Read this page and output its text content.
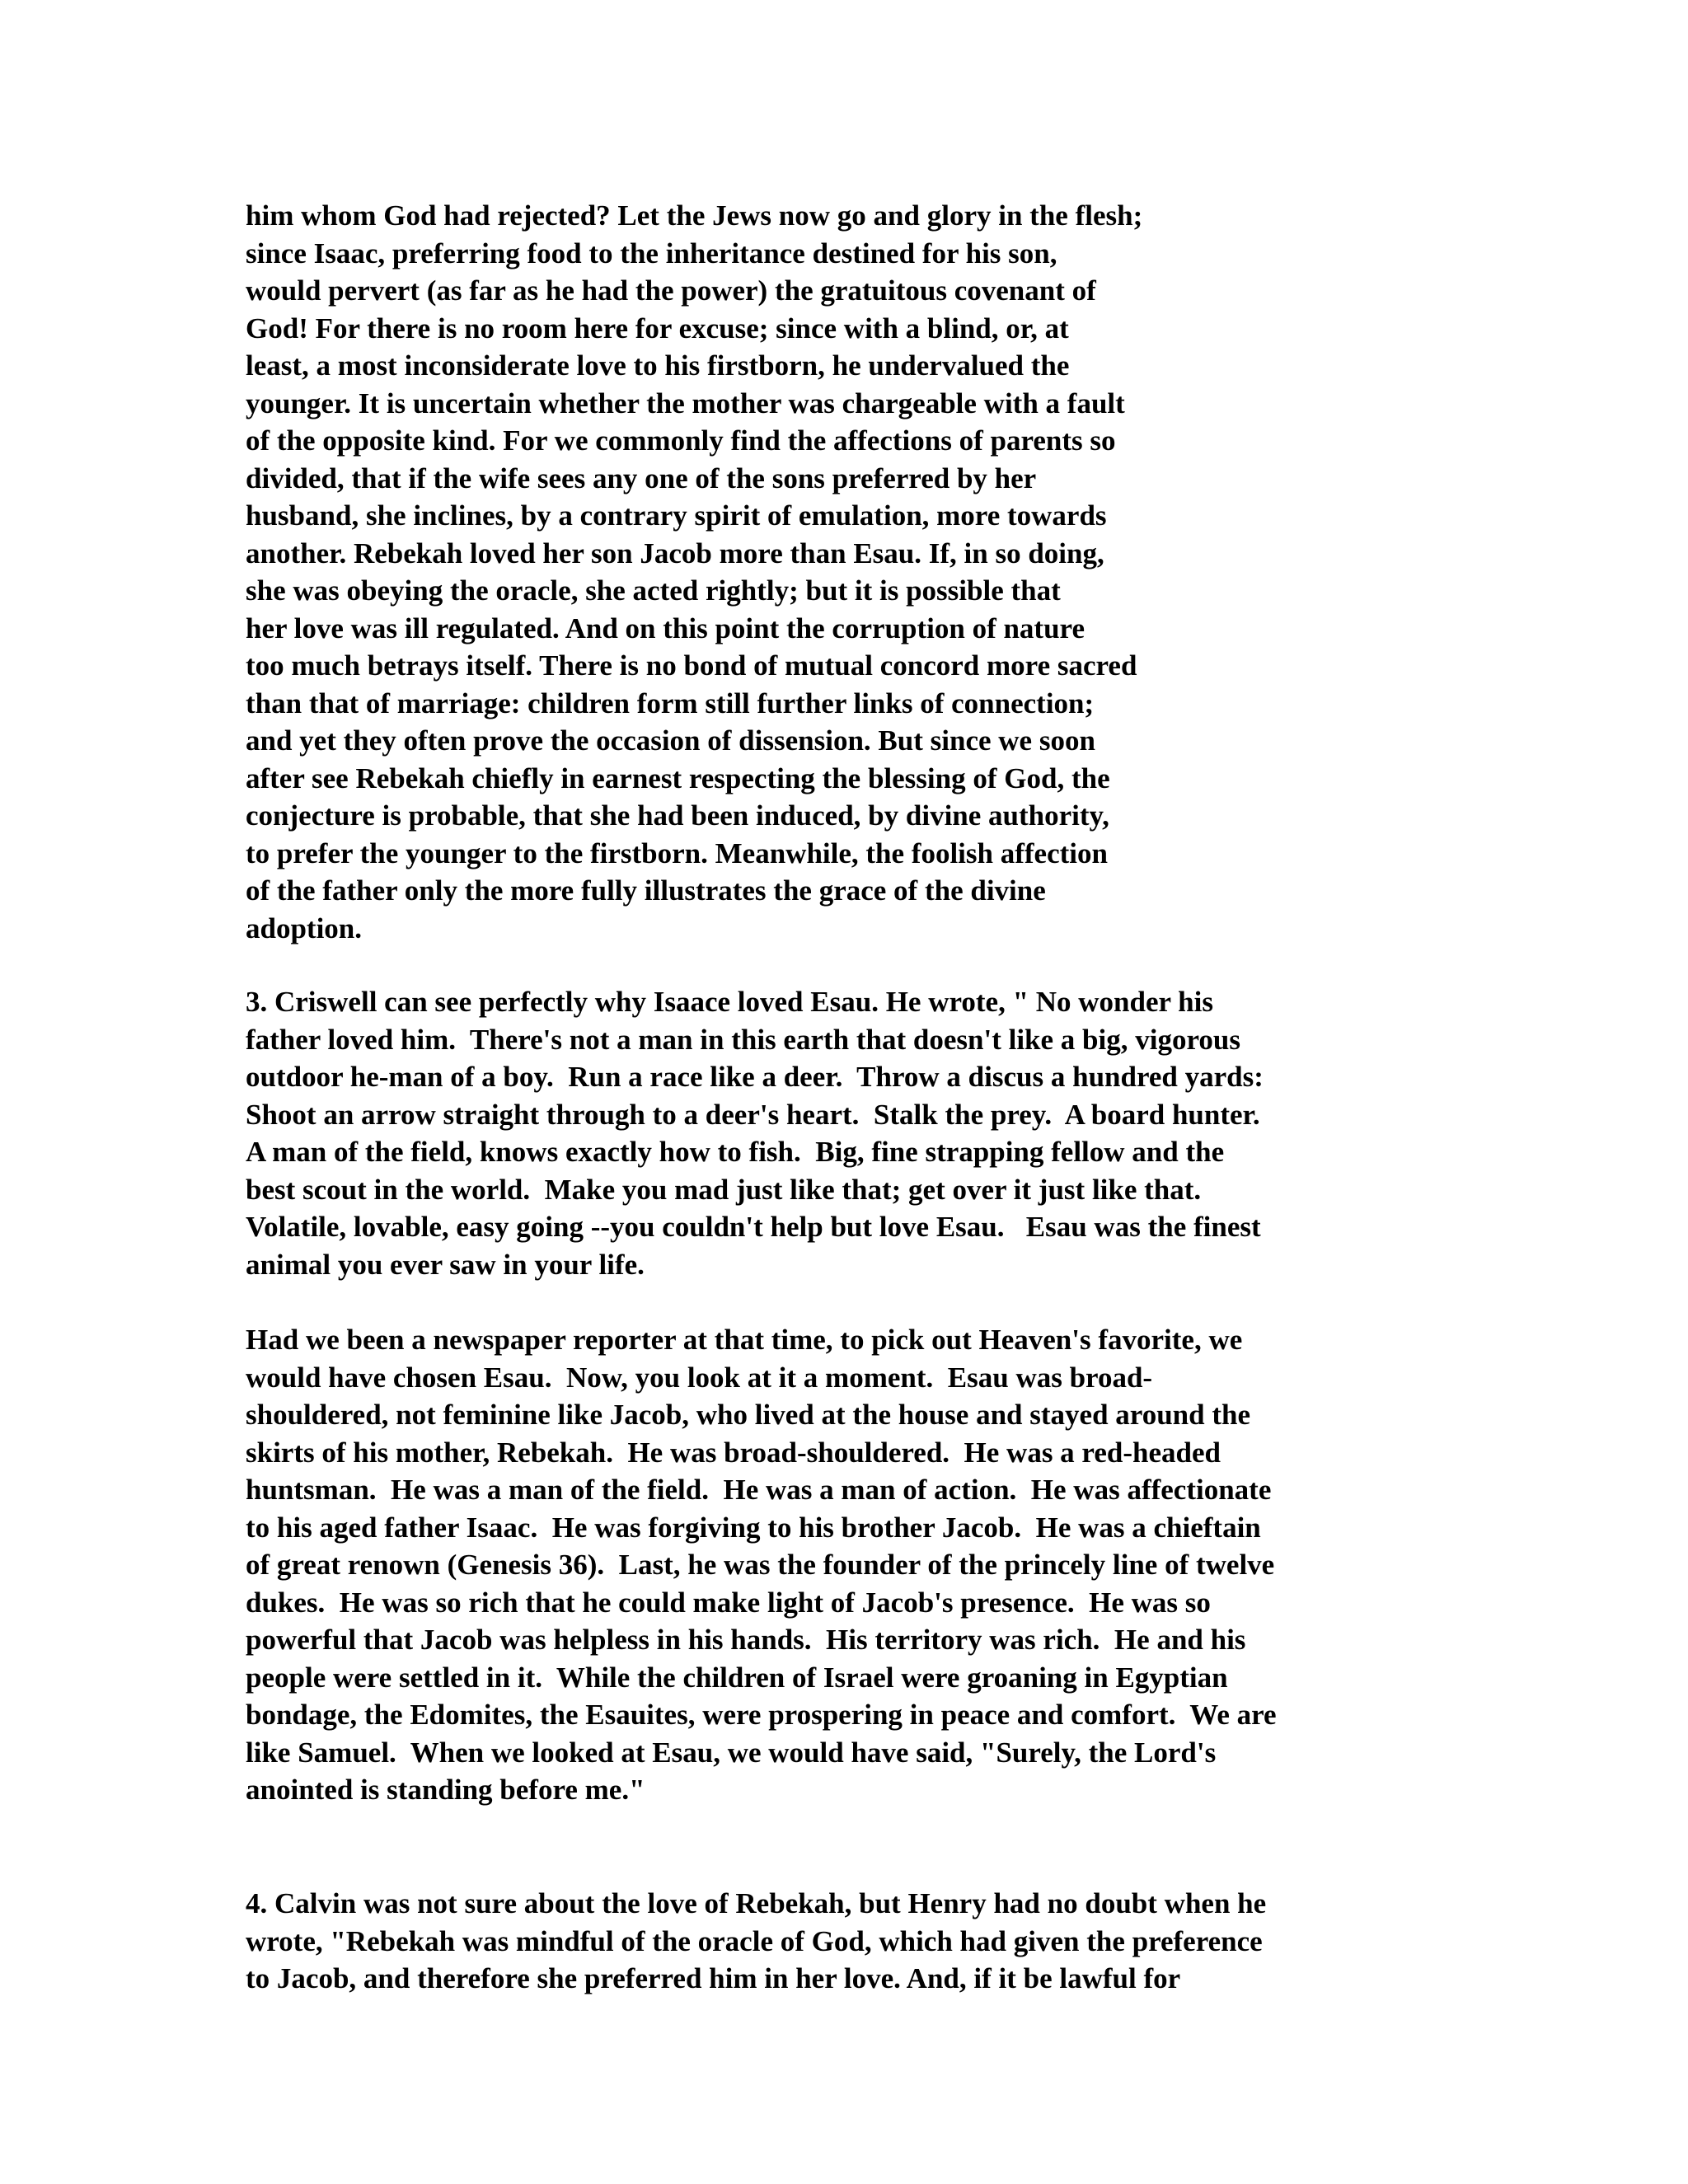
him whom God had rejected? Let the Jews now go and glory in the flesh;
since Isaac, preferring food to the inheritance destined for his son,
would pervert (as far as he had the power) the gratuitous covenant of
God! For there is no room here for excuse; since with a blind, or, at
least, a most inconsiderate love to his firstborn, he undervalued the
younger. It is uncertain whether the mother was chargeable with a fault
of the opposite kind. For we commonly find the affections of parents so
divided, that if the wife sees any one of the sons preferred by her
husband, she inclines, by a contrary spirit of emulation, more towards
another. Rebekah loved her son Jacob more than Esau. If, in so doing,
she was obeying the oracle, she acted rightly; but it is possible that
her love was ill regulated. And on this point the corruption of nature
too much betrays itself. There is no bond of mutual concord more sacred
than that of marriage: children form still further links of connection;
and yet they often prove the occasion of dissension. But since we soon
after see Rebekah chiefly in earnest respecting the blessing of God, the
conjecture is probable, that she had been induced, by divine authority,
to prefer the younger to the firstborn. Meanwhile, the foolish affection
of the father only the more fully illustrates the grace of the divine
adoption.
3. Criswell can see perfectly why Isaace loved Esau. He wrote, " No wonder his
father loved him.  There's not a man in this earth that doesn't like a big, vigorous
outdoor he-man of a boy.  Run a race like a deer.  Throw a discus a hundred yards:
Shoot an arrow straight through to a deer's heart.  Stalk the prey.  A board hunter.
A man of the field, knows exactly how to fish.  Big, fine strapping fellow and the
best scout in the world.  Make you mad just like that; get over it just like that.
Volatile, lovable, easy going --you couldn't help but love Esau.   Esau was the finest
animal you ever saw in your life.
Had we been a newspaper reporter at that time, to pick out Heaven's favorite, we
would have chosen Esau.  Now, you look at it a moment.  Esau was broad-
shouldered, not feminine like Jacob, who lived at the house and stayed around the
skirts of his mother, Rebekah.  He was broad-shouldered.  He was a red-headed
huntsman.  He was a man of the field.  He was a man of action.  He was affectionate
to his aged father Isaac.  He was forgiving to his brother Jacob.  He was a chieftain
of great renown (Genesis 36).  Last, he was the founder of the princely line of twelve
dukes.  He was so rich that he could make light of Jacob's presence.  He was so
powerful that Jacob was helpless in his hands.  His territory was rich.  He and his
people were settled in it.  While the children of Israel were groaning in Egyptian
bondage, the Edomites, the Esauites, were prospering in peace and comfort.  We are
like Samuel.  When we looked at Esau, we would have said, "Surely, the Lord's
anointed is standing before me."
4. Calvin was not sure about the love of Rebekah, but Henry had no doubt when he
wrote, "Rebekah was mindful of the oracle of God, which had given the preference
to Jacob, and therefore she preferred him in her love. And, if it be lawful for
